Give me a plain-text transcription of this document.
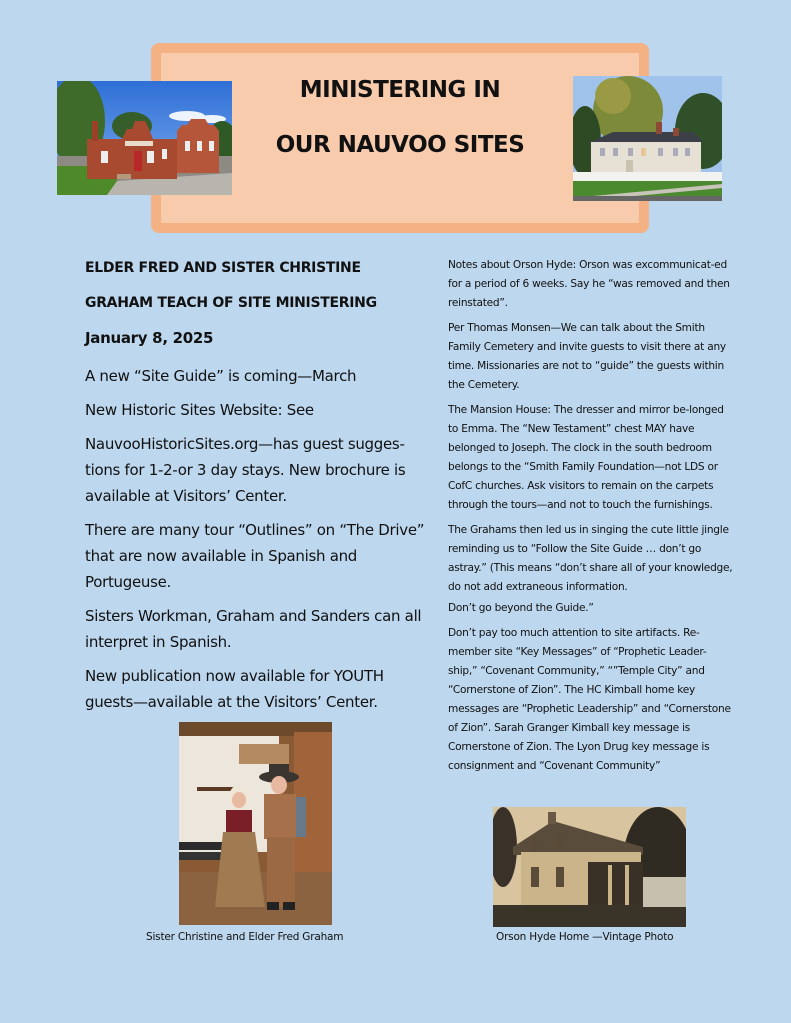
MINISTERING IN
OUR NAUVOO SITES
ELDER FRED AND SISTER CHRISTINE
GRAHAM TEACH OF SITE MINISTERING
January 8, 2025

A new “Site Guide” is coming—March

New Historic Sites Website: See

NauvooHistoricSites.org—has guest sugges-tions for 1-2-or 3 day stays. New brochure is available at Visitors’ Center.

There are many tour “Outlines” on “The Drive” that are now available in Spanish and Portugeuse.

Sisters Workman, Graham and Sanders can all interpret in Spanish.

New publication now available for YOUTH guests—available at the Visitors’ Center.

Notes about Orson Hyde: Orson was excommunicat-ed for a period of 6 weeks. Say he “was removed and then reinstated”.

Per Thomas Monsen—We can talk about the Smith Family Cemetery and invite guests to visit there at any time. Missionaries are not to “guide” the guests within the Cemetery.

The Mansion House: The dresser and mirror be-longed to Emma. The “New Testament” chest MAY have belonged to Joseph. The clock in the south bedroom belongs to the “Smith Family Foundation—not LDS or CofC churches. Ask visitors to remain on the carpets through the tours—and not to touch the furnishings.

The Grahams then led us in singing the cute little jingle reminding us to “Follow the Site Guide … don’t go astray.” (This means “don’t share all of your knowledge, do not add extraneous information.

Don’t go beyond the Guide.”

Don’t pay too much attention to site artifacts. Re-member site “Key Messages” of “Prophetic Leader-ship,” “Covenant Community,” “”Temple City” and “Cornerstone of Zion”. The HC Kimball home key messages are “Prophetic Leadership” and “Cornerstone of Zion”. Sarah Granger Kimball key message is Cornerstone of Zion. The Lyon Drug key message is consignment and “Covenant Community”

Sister Christine and Elder Fred Graham	Orson Hyde Home —Vintage Photo
